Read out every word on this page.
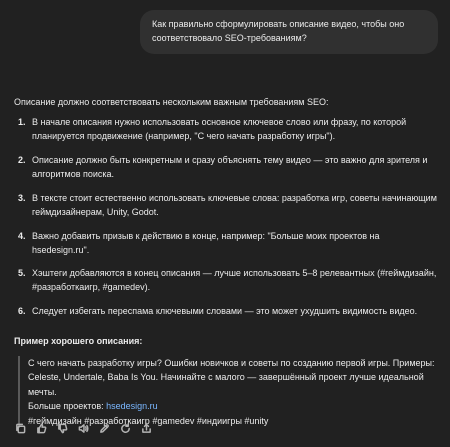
Как правильно сформулировать описание видео, чтобы оно соответствовало SEO-требованиям?

Описание должно соответствовать нескольким важным требованиям SEO:

1. В начале описания нужно использовать основное ключевое слово или фразу, по которой планируется продвижение (например, "С чего начать разработку игры").
2. Описание должно быть конкретным и сразу объяснять тему видео — это важно для зрителя и алгоритмов поиска.
3. В тексте стоит естественно использовать ключевые слова: разработка игр, советы начинающим геймдизайнерам, Unity, Godot.
4. Важно добавить призыв к действию в конце, например: "Больше моих проектов на hsedesign.ru".
5. Хэштеги добавляются в конец описания — лучше использовать 5–8 релевантных (#геймдизайн, #разработкаигр, #gamedev).
6. Следует избегать переспама ключевыми словами — это может ухудшить видимость видео.
Пример хорошего описания:
С чего начать разработку игры? Ошибки новичков и советы по созданию первой игры. Примеры: Celeste, Undertale, Baba Is You. Начинайте с малого — завершённый проект лучше идеальной мечты.
Больше проектов: hsedesign.ru
#геймдизайн #разработкаигр #gamedev #индиигры #unity
